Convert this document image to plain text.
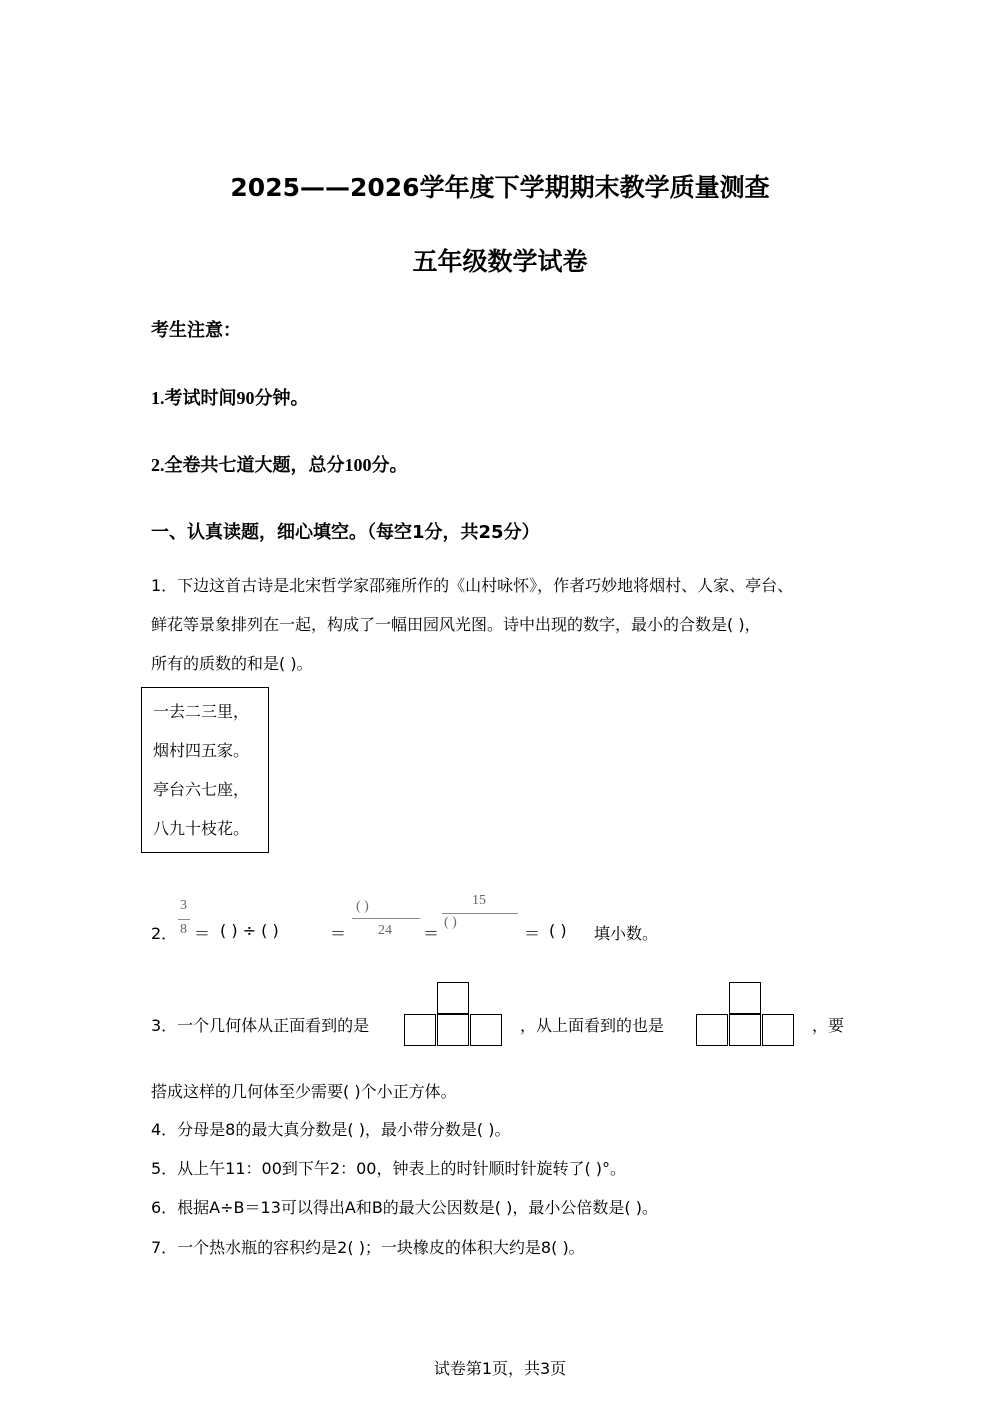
2025——2026学年度下学期期末教学质量测查
五年级数学试卷
考生注意：
1.考试时间90分钟。
2.全卷共七道大题，总分100分。
一、认真读题，细心填空。（每空1分，共25分）
1．下边这首古诗是北宋哲学家邵雍所作的《山村咏怀》，作者巧妙地将烟村、人家、亭台、
鲜花等景象排列在一起，构成了一幅田园风光图。诗中出现的数字，最小的合数是( )，
所有的质数的和是( )。
一去二三里，
烟村四五家。
亭台六七座，
八九十枝花。
2．
3
8 ＝ ( ) ÷ ( )	＝
( )
24 ＝
15
( )
＝ ( ) 填小数。
3．一个几何体从正面看到的是	，从上面看到的也是	，要
搭成这样的几何体至少需要( )个小正方体。
4．分母是8的最大真分数是( )，最小带分数是( )。
5．从上午11：00到下午2：00，钟表上的时针顺时针旋转了( )°。
6．根据A÷B＝13可以得出A和B的最大公因数是( )，最小公倍数是( )。
7．一个热水瓶的容积约是2( )；一块橡皮的体积大约是8( )。
试卷第1页，共3页
